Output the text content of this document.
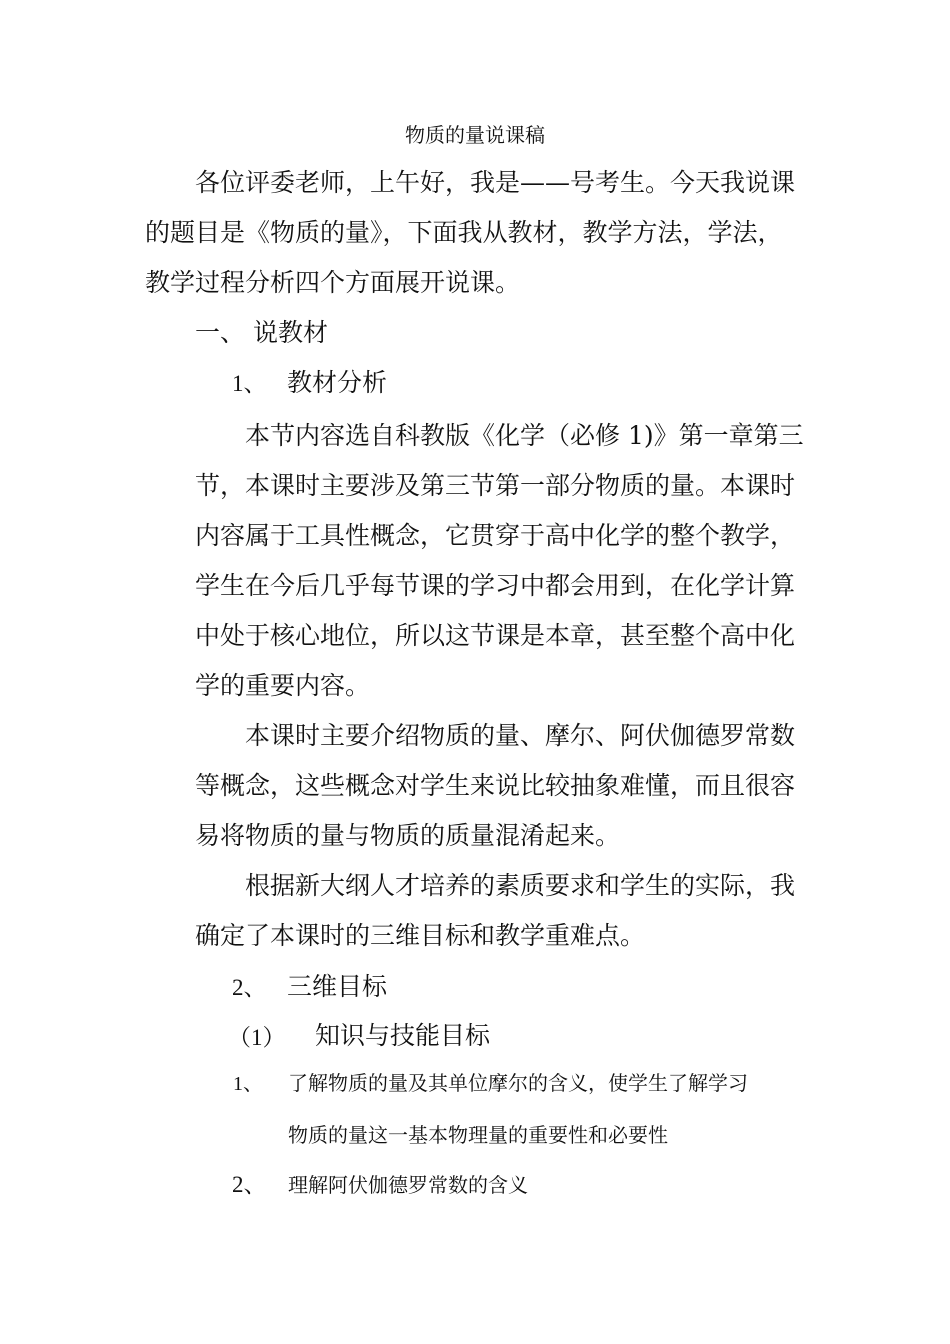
物质的量说课稿
各位评委老师，上午好，我是——号考生。今天我说课
的题目是《物质的量》，下面我从教材，教学方法，学法，
教学过程分析四个方面展开说课。
一、 说教材
1、 教材分析
本节内容选自科教版《化学（必修 1)》第一章第三
节，本课时主要涉及第三节第一部分物质的量。本课时
内容属于工具性概念，它贯穿于高中化学的整个教学，
学生在今后几乎每节课的学习中都会用到，在化学计算
中处于核心地位，所以这节课是本章，甚至整个高中化
学的重要内容。
本课时主要介绍物质的量、摩尔、阿伏伽德罗常数
等概念，这些概念对学生来说比较抽象难懂，而且很容
易将物质的量与物质的质量混淆起来。
根据新大纲人才培养的素质要求和学生的实际，我
确定了本课时的三维目标和教学重难点。
2、 三维目标
（1） 知识与技能目标
1、 了解物质的量及其单位摩尔的含义，使学生了解学习
物质的量这一基本物理量的重要性和必要性
2、 理解阿伏伽德罗常数的含义
